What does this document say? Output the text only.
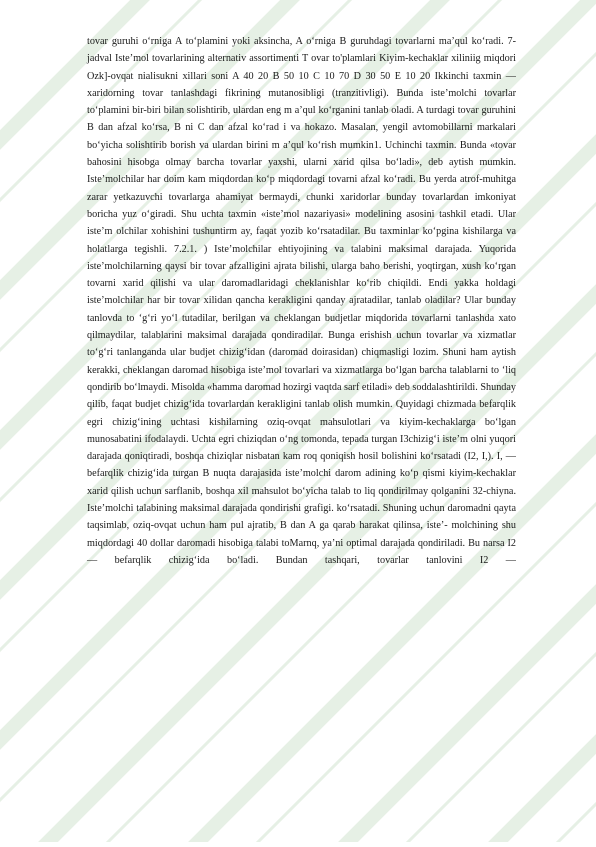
tovar guruhi o‘rniga A to‘plamini yoki aksincha, A o‘rniga B guruhdagi tovarlarni ma’qul ko‘radi. 7-jadval Iste’mol tovarlarining alternativ assortimenti T ovar to'plamlari Kiyim-kechaklar xiliniig miqdori Ozk]-ovqat nialisukni xillari soni A 40 20 B 50 10 C 10 70 D 30 50 E 10 20 Ikkinchi taxmin — xaridorning tovar tanlashdagi fikrining mutanosibligi (tranzitivligi). Bunda iste’molchi tovarlar to‘plamini bir-biri bilan solishtirib, ulardan eng m a’qul ko‘rganini tanlab oladi. A turdagi tovar guruhini B dan afzal ko‘rsa, B ni C dan afzal ko‘rad i va hokazo. Masalan, yengil avtomobillarni markalari bo‘yicha solishtirib borish va ulardan birini m a’qul ko‘rish mumkin1. Uchinchi taxmin. Bunda «tovar bahosini hisobga olmay barcha tovarlar yaxshi, ularni xarid qilsa bo‘ladi», deb aytish mumkin. Iste’molchilar har doim kam miqdordan ko‘p miqdordagi tovarni afzal ko‘radi. Bu yerda atrof-muhitga zarar yetkazuvchi tovarlarga ahamiyat bermaydi, chunki xaridorlar bunday tovarlardan imkoniyat boricha yuz o‘giradi. Shu uchta taxmin «iste’mol nazariyasi» modelining asosini tashkil etadi. Ular iste’m olchilar xohishini tushuntirm ay, faqat yozib ko‘rsatadilar. Bu taxminlar ko‘pgina kishilarga va holatlarga tegishli. 7.2.1. ) Iste’molchilar ehtiyojining va talabini maksimal darajada. Yuqorida iste’molchilarning qaysi bir tovar afzalligini ajrata bilishi, ularga baho berishi, yoqtirgan, xush ko‘rgan tovarni xarid qilishi va ular daromadlaridagi cheklanishlar ko‘rib chiqildi. Endi yakka holdagi iste’molchilar har bir tovar xilidan qancha kerakligini qanday ajratadilar, tanlab oladilar? Ular bunday tanlovda to ‘g‘ri yo‘l tutadilar, berilgan va cheklangan budjetlar miqdorida tovarlarni tanlashda xato qilmaydilar, talablarini maksimal darajada qondiradilar. Bunga erishish uchun tovarlar va xizmatlar to‘g‘ri tanlanganda ular budjet chizig‘idan (daromad doirasidan) chiqmasligi lozim. Shuni ham aytish kerakki, cheklangan daromad hisobiga iste’mol tovarlari va xizmatlarga bo‘lgan barcha talablarni to ‘liq qondirib bo‘lmaydi. Misolda «hamma daromad hozirgi vaqtda sarf etiladi» deb soddalashtirildi. Shunday qilib, faqat budjet chizig‘ida tovarlardan kerakligini tanlab olish mumkin. Quyidagi chizmada befarqlik egri chizig‘ining uchtasi kishilarning oziq-ovqat mahsulotlari va kiyim-kechaklarga bo‘lgan munosabatini ifodalaydi. Uchta egri chiziqdan o‘ng tomonda, tepada turgan I3chizig‘i iste’m olni yuqori darajada qoniqtiradi, boshqa chiziqlar nisbatan kam roq qoniqish hosil bolishini ko‘rsatadi (I2, I,). I, — befarqlik chizig‘ida turgan B nuqta darajasida iste’molchi darom adining ko‘p qismi kiyim-kechaklar xarid qilish uchun sarflanib, boshqa xil mahsulot bo‘yicha talab to liq qondirilmay qolganini 32-chiyna. Iste’molchi talabining maksimal darajada qondirishi grafigi. ko‘rsatadi. Shuning uchun daromadni qayta taqsimlab, oziq-ovqat uchun ham pul ajratib, B dan A ga qarab harakat qilinsa, iste’- molchining shu miqdordagi 40 dollar daromadi hisobiga talabi toMarnq, ya’ni optimal darajada qondiriladi. Bu narsa I2 — befarqlik chizig‘ida bo‘ladi. Bundan tashqari, tovarlar tanlovini I2 —
